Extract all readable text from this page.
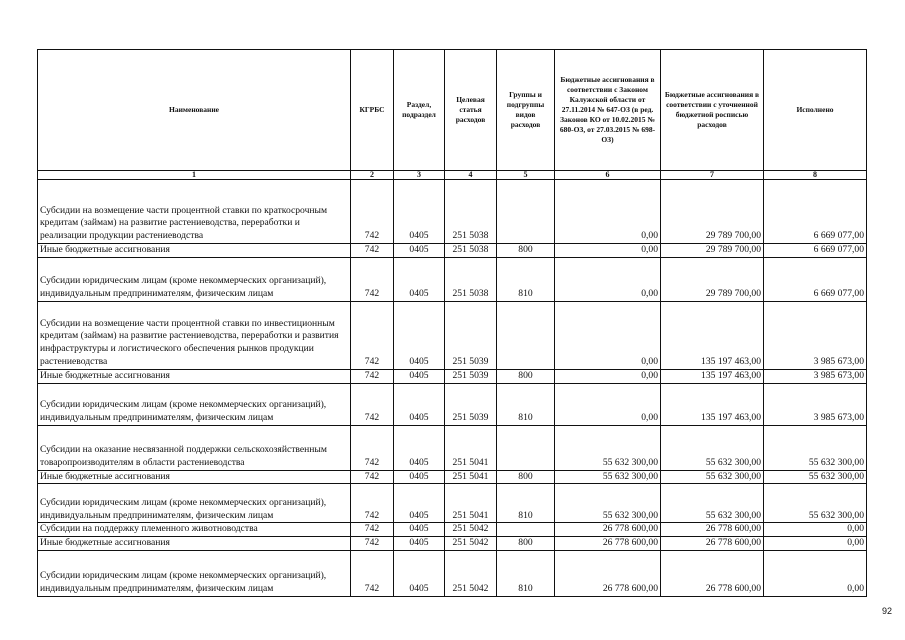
Наименование	КГРБС	Раздел, подраздел	Целевая статья расходов	Группы и подгруппы видов расходов	Бюджетные ассигнования в соответствии с Законом Калужской области от 27.11.2014 № 647-ОЗ (в ред. Законов КО от 10.02.2015 № 680-ОЗ, от 27.03.2015 № 698-ОЗ)	Бюджетные ассигнования в соответствии с уточненной бюджетной росписью расходов	Исполнено
1	2	3	4	5	6	7	8
Субсидии на возмещение части процентной ставки по краткосрочным кредитам (займам) на развитие растениеводства, переработки и реализации продукции растениеводства	742	0405	251 5038		0,00	29 789 700,00	6 669 077,00
Иные бюджетные ассигнования	742	0405	251 5038	800	0,00	29 789 700,00	6 669 077,00
Субсидии юридическим лицам (кроме некоммерческих организаций), индивидуальным предпринимателям, физическим лицам	742	0405	251 5038	810	0,00	29 789 700,00	6 669 077,00
Субсидии на возмещение части процентной ставки по инвестиционным кредитам (займам) на развитие растениеводства, переработки и развития инфраструктуры и логистического обеспечения рынков продукции растениеводства	742	0405	251 5039		0,00	135 197 463,00	3 985 673,00
Иные бюджетные ассигнования	742	0405	251 5039	800	0,00	135 197 463,00	3 985 673,00
Субсидии юридическим лицам (кроме некоммерческих организаций), индивидуальным предпринимателям, физическим лицам	742	0405	251 5039	810	0,00	135 197 463,00	3 985 673,00
Субсидии на оказание несвязанной поддержки сельскохозяйственным товаропроизводителям в области растениеводства	742	0405	251 5041		55 632 300,00	55 632 300,00	55 632 300,00
Иные бюджетные ассигнования	742	0405	251 5041	800	55 632 300,00	55 632 300,00	55 632 300,00
Субсидии юридическим лицам (кроме некоммерческих организаций), индивидуальным предпринимателям, физическим лицам	742	0405	251 5041	810	55 632 300,00	55 632 300,00	55 632 300,00
Субсидии на поддержку племенного животноводства	742	0405	251 5042		26 778 600,00	26 778 600,00	0,00
Иные бюджетные ассигнования	742	0405	251 5042	800	26 778 600,00	26 778 600,00	0,00
Субсидии юридическим лицам (кроме некоммерческих организаций), индивидуальным предпринимателям, физическим лицам	742	0405	251 5042	810	26 778 600,00	26 778 600,00	0,00
92
